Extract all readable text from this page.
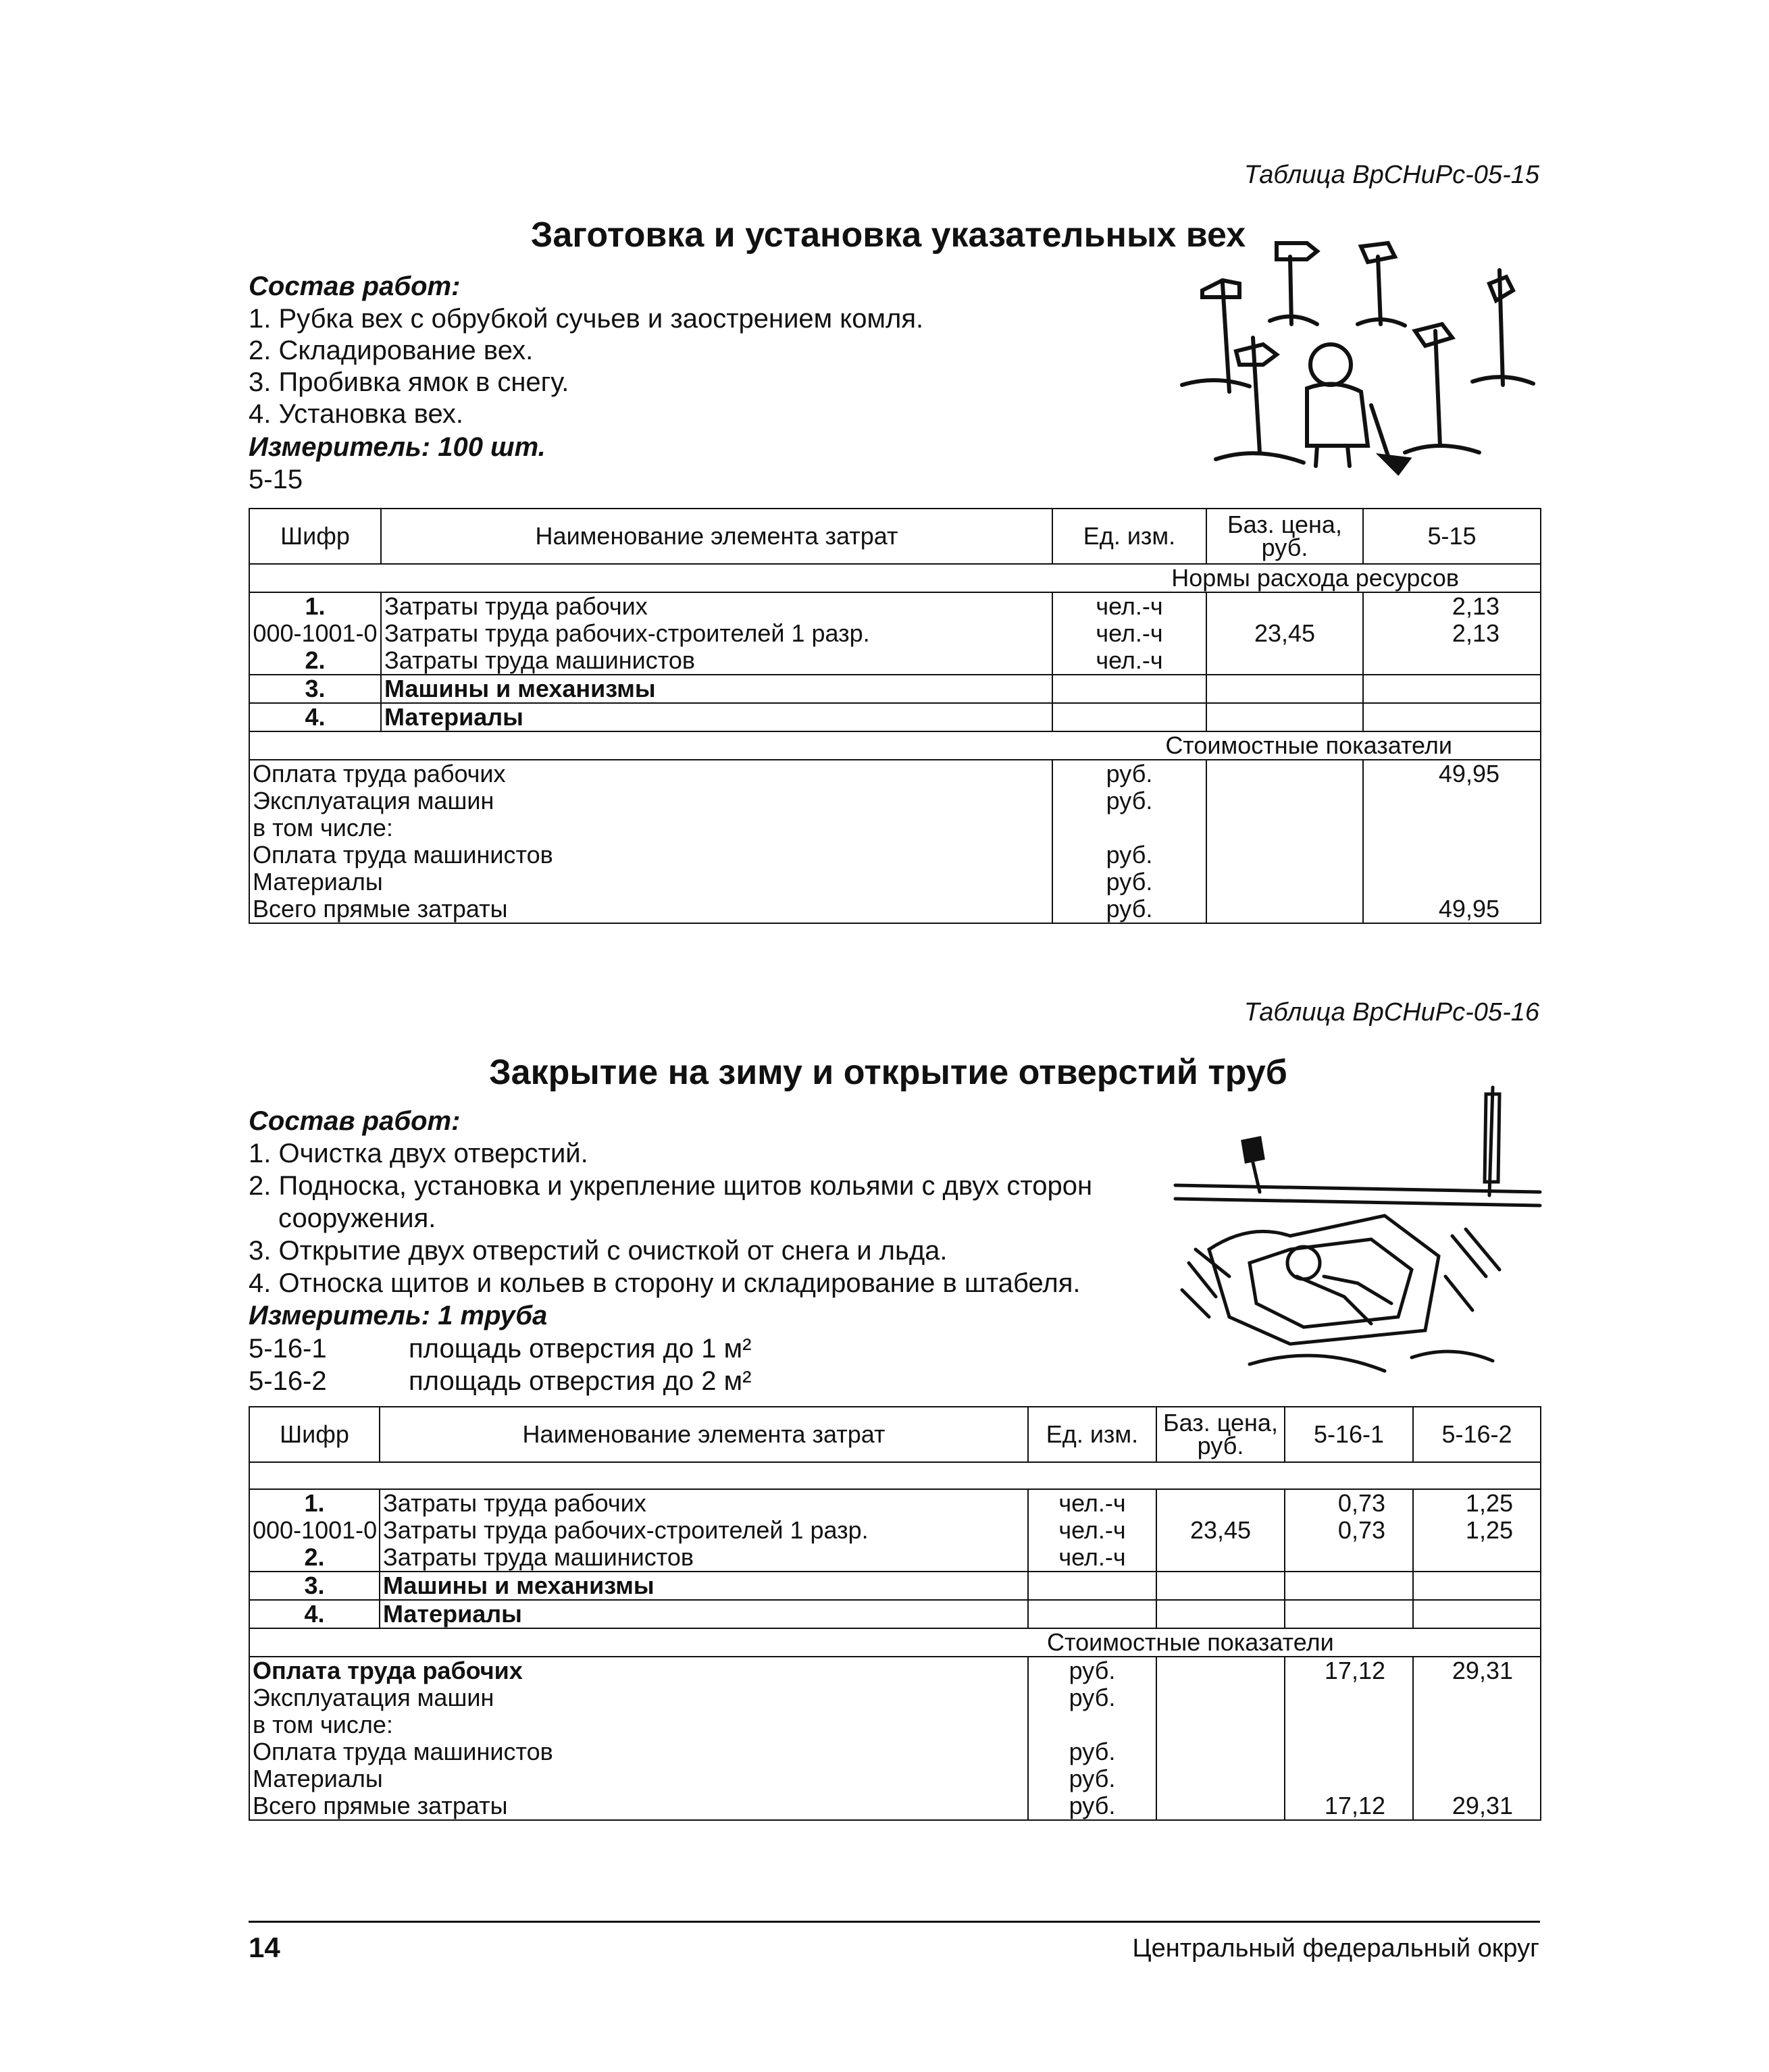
Таблица ВрСНиРс-05-15
Заготовка и установка указательных вех
Состав работ:
1. Рубка вех с обрубкой сучьев и заострением комля.
2. Складирование вех.
3. Пробивка ямок в снегу.
4. Установка вех.
Измеритель: 100 шт.
5-15
Шифр	Наименование элемента затрат	Ед. изм.	Баз. цена, руб.	5-15
Нормы расхода ресурсов				
1.	Затраты труда рабочих	чел.-ч		2,13
000-1001-0	Затраты труда рабочих-строителей 1 разр.	чел.-ч	23,45	2,13
2.	Затраты труда машинистов	чел.-ч		
3.	Машины и механизмы			
4.	Материалы			
Стоимостные показатели				
Оплата труда рабочих		руб.		49,95
Эксплуатация машин		руб.		
в том числе:				
Оплата труда машинистов		руб.		
Материалы		руб.		
Всего прямые затраты		руб.		49,95
Таблица ВрСНиРс-05-16
Закрытие на зиму и открытие отверстий труб
Состав работ:
1. Очистка двух отверстий.
2. Подноска, установка и укрепление щитов кольями с двух сторон
сооружения.
3. Открытие двух отверстий с очисткой от снега и льда.
4. Относка щитов и кольев в сторону и складирование в штабеля.
Измеритель: 1 труба
5-16-1	площадь отверстия до 1 м²
5-16-2	площадь отверстия до 2 м²
Шифр	Наименование элемента затрат	Ед. изм.	Баз. цена, руб.	5-16-1	5-16-2

1.	Затраты труда рабочих	чел.-ч		0,73	1,25
000-1001-0	Затраты труда рабочих-строителей 1 разр.	чел.-ч	23,45	0,73	1,25
2.	Затраты труда машинистов	чел.-ч			
3.	Машины и механизмы				
4.	Материалы				
Стоимостные показатели					
Оплата труда рабочих		руб.		17,12	29,31
Эксплуатация машин		руб.			
в том числе:					
Оплата труда машинистов		руб.			
Материалы		руб.			
Всего прямые затраты		руб.		17,12	29,31
14	Центральный федеральный округ
